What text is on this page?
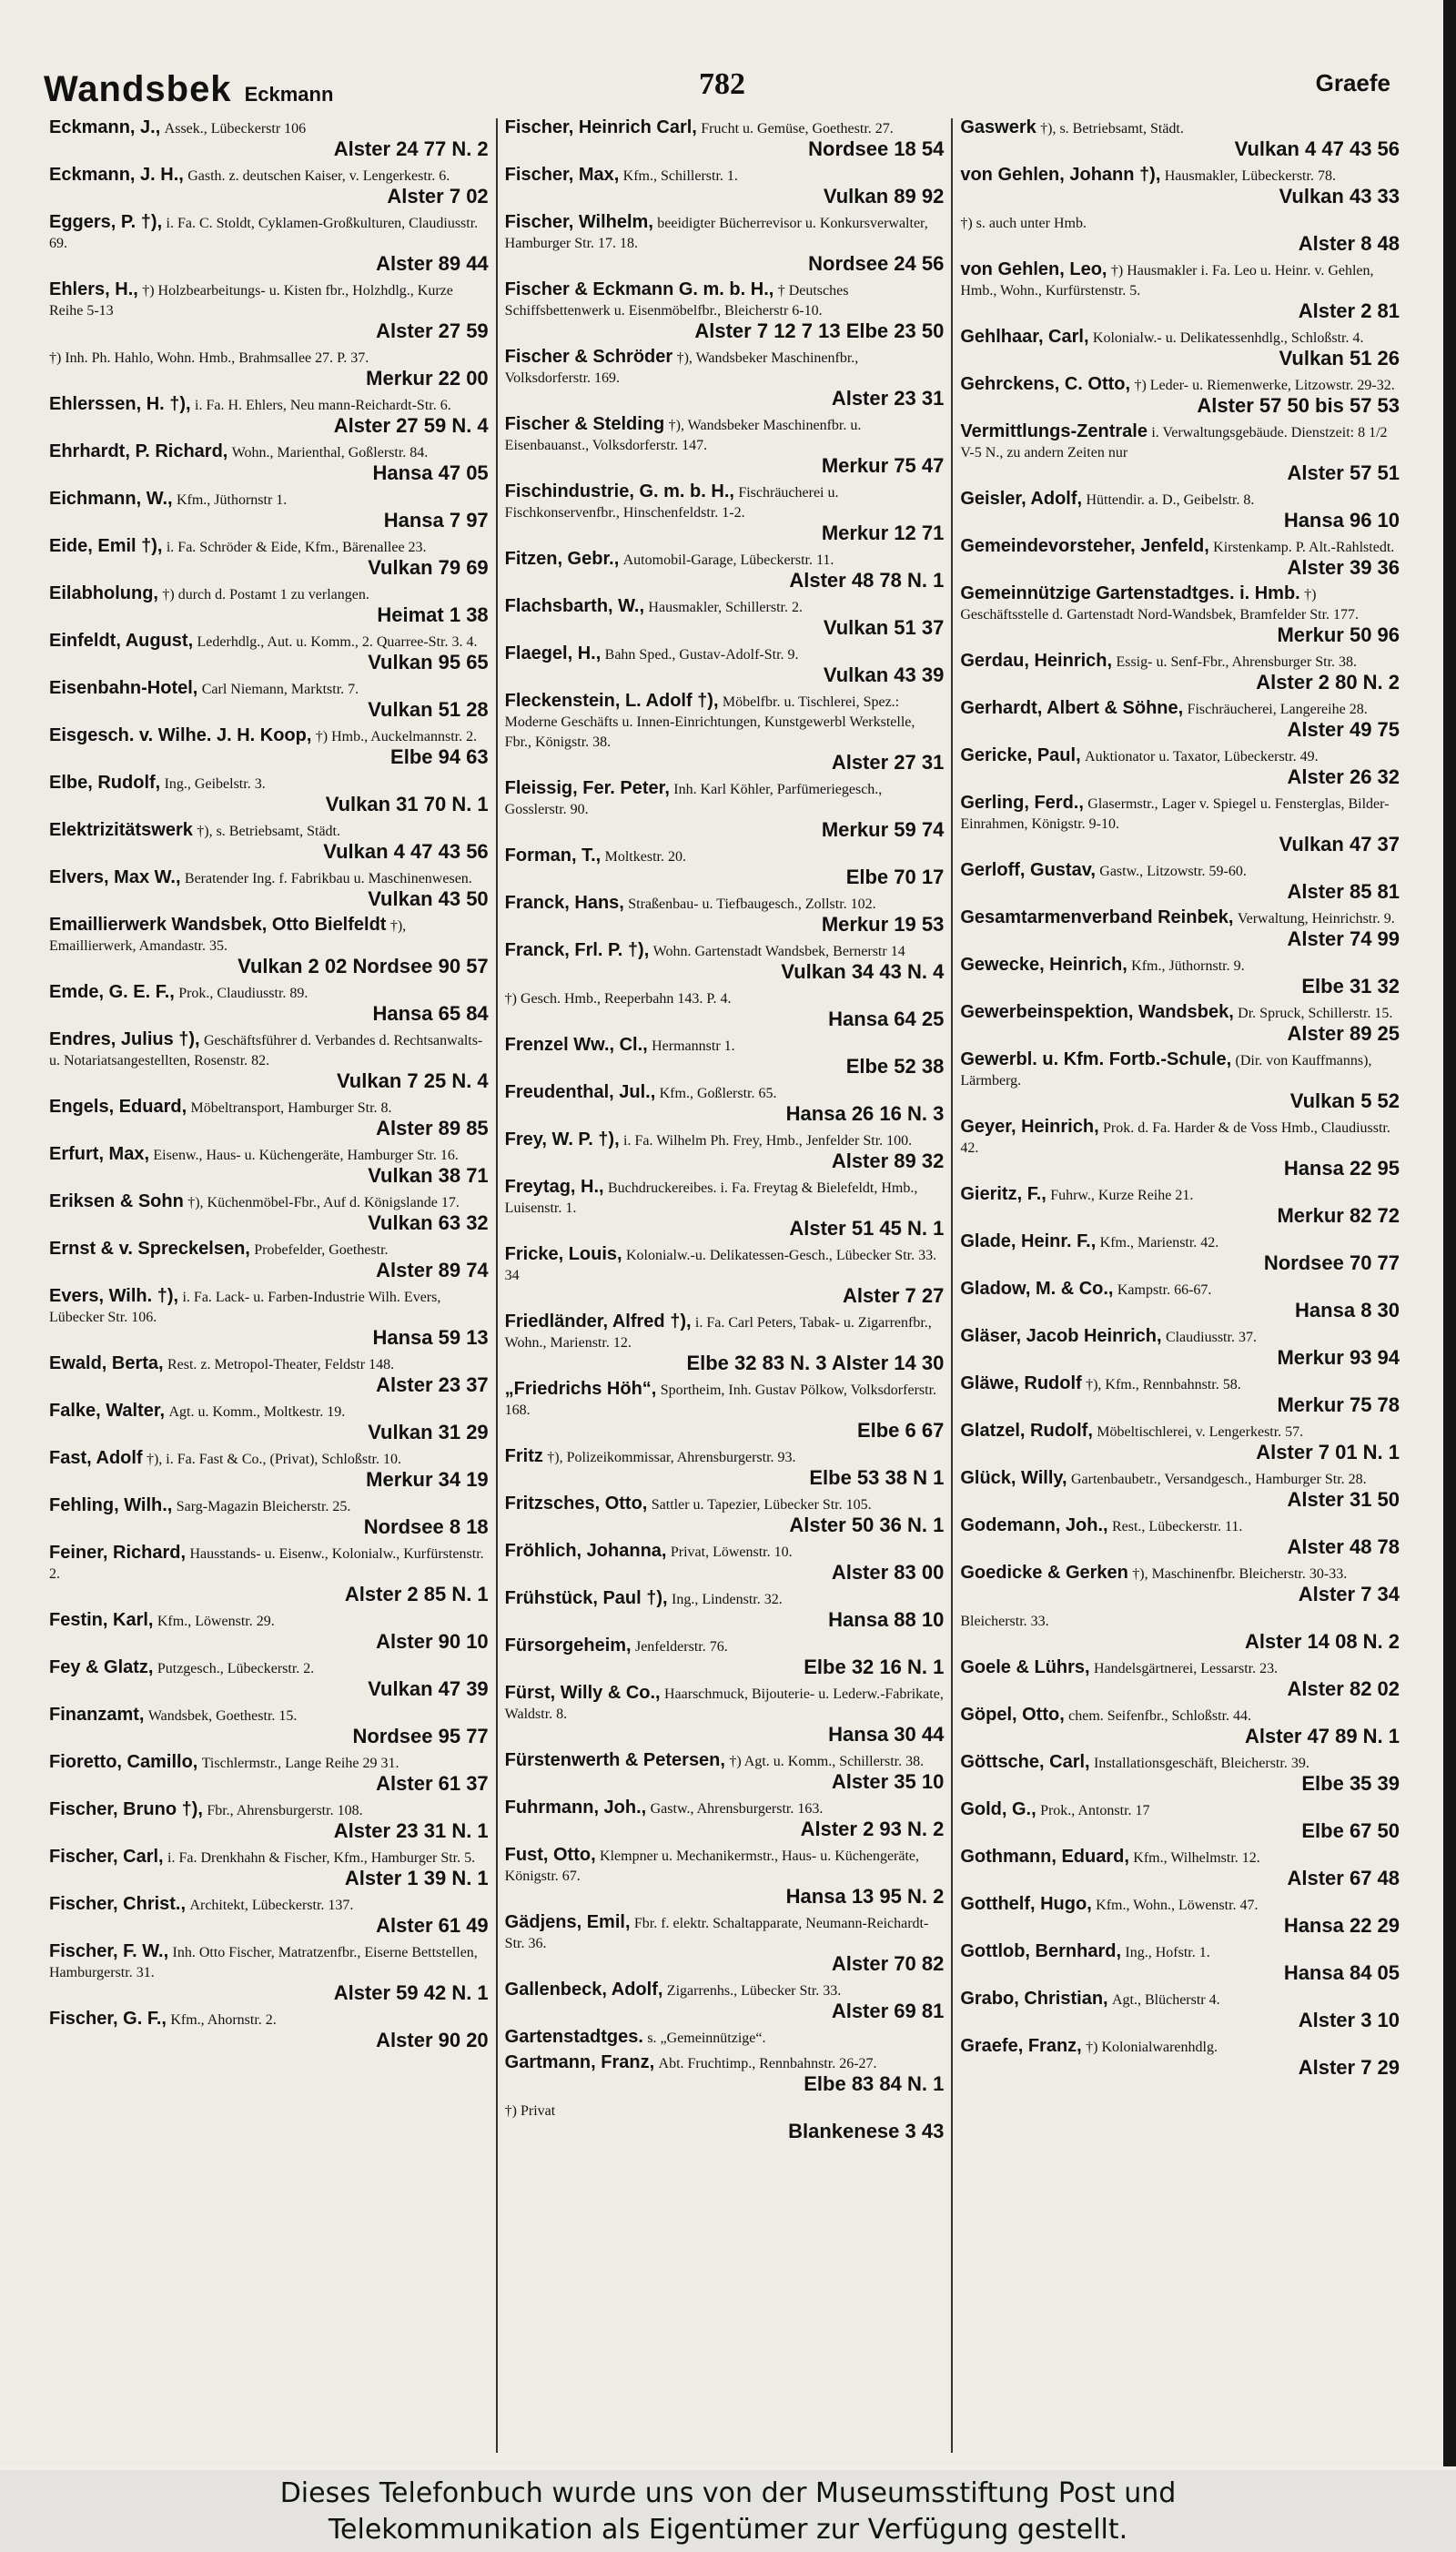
Wandsbek Eckmann	782	Graefe
Eckmann, J., Assek., Lübeckerstr 106
Alster 24 77 N. 2
Eckmann, J. H., Gasth. z. deutschen Kaiser, v. Lengerkestr. 6.
Alster 7 02
Eggers, P. †), i. Fa. C. Stoldt, Cyklamen-Großkulturen, Claudiusstr. 69.
Alster 89 44
Ehlers, H., †) Holzbearbeitungs- u. Kisten fbr., Holzhdlg., Kurze Reihe 5-13
Alster 27 59
†) Inh. Ph. Hahlo, Wohn. Hmb., Brahmsallee 27. P. 37.
Merkur 22 00
Ehlerssen, H. †), i. Fa. H. Ehlers, Neu mann-Reichardt-Str. 6.
Alster 27 59 N. 4
Ehrhardt, P. Richard, Wohn., Marienthal, Goßlerstr. 84.
Hansa 47 05
Eichmann, W., Kfm., Jüthornstr 1.
Hansa 7 97
Eide, Emil †), i. Fa. Schröder & Eide, Kfm., Bärenallee 23.
Vulkan 79 69
Eilabholung, †) durch d. Postamt 1 zu verlangen.
Heimat 1 38
Einfeldt, August, Lederhdlg., Aut. u. Komm., 2. Quarree-Str. 3. 4.
Vulkan 95 65
Eisenbahn-Hotel, Carl Niemann, Marktstr. 7.
Vulkan 51 28
Eisgesch. v. Wilhe. J. H. Koop, †) Hmb., Auckelmannstr. 2.
Elbe 94 63
Elbe, Rudolf, Ing., Geibelstr. 3.
Vulkan 31 70 N. 1
Elektrizitätswerk †), s. Betriebsamt, Städt.
Vulkan 4 47 43 56
Elvers, Max W., Beratender Ing. f. Fabrikbau u. Maschinenwesen.
Vulkan 43 50
Emaillierwerk Wandsbek, Otto Bielfeldt †), Emaillierwerk, Amandastr. 35.
Vulkan 2 02 Nordsee 90 57
Emde, G. E. F., Prok., Claudiusstr. 89.
Hansa 65 84
Endres, Julius †), Geschäftsführer d. Verbandes d. Rechtsanwalts- u. Notariatsangestellten, Rosenstr. 82.
Vulkan 7 25 N. 4
Engels, Eduard, Möbeltransport, Hamburger Str. 8.
Alster 89 85
Erfurt, Max, Eisenw., Haus- u. Küchengeräte, Hamburger Str. 16.
Vulkan 38 71
Eriksen & Sohn †), Küchenmöbel-Fbr., Auf d. Königslande 17.
Vulkan 63 32
Ernst & v. Spreckelsen, Probefelder, Goethestr.
Alster 89 74
Evers, Wilh. †), i. Fa. Lack- u. Farben-Industrie Wilh. Evers, Lübecker Str. 106.
Hansa 59 13
Ewald, Berta, Rest. z. Metropol-Theater, Feldstr 148.
Alster 23 37
Falke, Walter, Agt. u. Komm., Moltkestr. 19.
Vulkan 31 29
Fast, Adolf †), i. Fa. Fast & Co., (Privat), Schloßstr. 10.
Merkur 34 19
Fehling, Wilh., Sarg-Magazin Bleicherstr. 25.
Nordsee 8 18
Feiner, Richard, Hausstands- u. Eisenw., Kolonialw., Kurfürstenstr. 2.
Alster 2 85 N. 1
Festin, Karl, Kfm., Löwenstr. 29.
Alster 90 10
Fey & Glatz, Putzgesch., Lübeckerstr. 2.
Vulkan 47 39
Finanzamt, Wandsbek, Goethestr. 15.
Nordsee 95 77
Fioretto, Camillo, Tischlermstr., Lange Reihe 29 31.
Alster 61 37
Fischer, Bruno †), Fbr., Ahrensburgerstr. 108.
Alster 23 31 N. 1
Fischer, Carl, i. Fa. Drenkhahn & Fischer, Kfm., Hamburger Str. 5.
Alster 1 39 N. 1
Fischer, Christ., Architekt, Lübeckerstr. 137.
Alster 61 49
Fischer, F. W., Inh. Otto Fischer, Matratzenfbr., Eiserne Bettstellen, Hamburgerstr. 31.
Alster 59 42 N. 1
Fischer, G. F., Kfm., Ahornstr. 2.
Alster 90 20
Fischer, Heinrich Carl, Frucht u. Gemüse, Goethestr. 27.
Nordsee 18 54
Fischer, Max, Kfm., Schillerstr. 1.
Vulkan 89 92
Fischer, Wilhelm, beeidigter Bücherrevisor u. Konkursverwalter, Hamburger Str. 17. 18.
Nordsee 24 56
Fischer & Eckmann G. m. b. H., † Deutsches Schiffsbettenwerk u. Eisenmöbelfbr., Bleicherstr 6-10.
Alster 7 12 7 13 Elbe 23 50
Fischer & Schröder †), Wandsbeker Maschinenfbr., Volksdorferstr. 169.
Alster 23 31
Fischer & Stelding †), Wandsbeker Maschinenfbr. u. Eisenbauanst., Volksdorferstr. 147.
Merkur 75 47
Fischindustrie, G. m. b. H., Fischräucherei u. Fischkonservenfbr., Hinschenfeldstr. 1-2.
Merkur 12 71
Fitzen, Gebr., Automobil-Garage, Lübeckerstr. 11.
Alster 48 78 N. 1
Flachsbarth, W., Hausmakler, Schillerstr. 2.
Vulkan 51 37
Flaegel, H., Bahn Sped., Gustav-Adolf-Str. 9.
Vulkan 43 39
Fleckenstein, L. Adolf †), Möbelfbr. u. Tischlerei, Spez.: Moderne Geschäfts u. Innen-Einrichtungen, Kunstgewerbl Werkstelle, Fbr., Königstr. 38.
Alster 27 31
Fleissig, Fer. Peter, Inh. Karl Köhler, Parfümeriegesch., Gosslerstr. 90.
Merkur 59 74
Forman, T., Moltkestr. 20.
Elbe 70 17
Franck, Hans, Straßenbau- u. Tiefbaugesch., Zollstr. 102.
Merkur 19 53
Franck, Frl. P. †), Wohn. Gartenstadt Wandsbek, Bernerstr 14
Vulkan 34 43 N. 4
†) Gesch. Hmb., Reeperbahn 143. P. 4.
Hansa 64 25
Frenzel Ww., Cl., Hermannstr 1.
Elbe 52 38
Freudenthal, Jul., Kfm., Goßlerstr. 65.
Hansa 26 16 N. 3
Frey, W. P. †), i. Fa. Wilhelm Ph. Frey, Hmb., Jenfelder Str. 100.
Alster 89 32
Freytag, H., Buchdruckereibes. i. Fa. Freytag & Bielefeldt, Hmb., Luisenstr. 1.
Alster 51 45 N. 1
Fricke, Louis, Kolonialw.-u. Delikatessen-Gesch., Lübecker Str. 33. 34
Alster 7 27
Friedländer, Alfred †), i. Fa. Carl Peters, Tabak- u. Zigarrenfbr., Wohn., Marienstr. 12.
Elbe 32 83 N. 3 Alster 14 30
„Friedrichs Höh“, Sportheim, Inh. Gustav Pölkow, Volksdorferstr. 168.
Elbe 6 67
Fritz †), Polizeikommissar, Ahrensburgerstr. 93.
Elbe 53 38 N 1
Fritzsches, Otto, Sattler u. Tapezier, Lübecker Str. 105.
Alster 50 36 N. 1
Fröhlich, Johanna, Privat, Löwenstr. 10.
Alster 83 00
Frühstück, Paul †), Ing., Lindenstr. 32.
Hansa 88 10
Fürsorgeheim, Jenfelderstr. 76.
Elbe 32 16 N. 1
Fürst, Willy & Co., Haarschmuck, Bijouterie- u. Lederw.-Fabrikate, Waldstr. 8.
Hansa 30 44
Fürstenwerth & Petersen, †) Agt. u. Komm., Schillerstr. 38.
Alster 35 10
Fuhrmann, Joh., Gastw., Ahrensburgerstr. 163.
Alster 2 93 N. 2
Fust, Otto, Klempner u. Mechanikermstr., Haus- u. Küchengeräte, Königstr. 67.
Hansa 13 95 N. 2
Gädjens, Emil, Fbr. f. elektr. Schaltapparate, Neumann-Reichardt-Str. 36.
Alster 70 82
Gallenbeck, Adolf, Zigarrenhs., Lübecker Str. 33.
Alster 69 81
Gartenstadtges. s. „Gemeinnützige“.
Gartmann, Franz, Abt. Fruchtimp., Rennbahnstr. 26-27.
Elbe 83 84 N. 1
†) Privat
Blankenese 3 43
Gaswerk †), s. Betriebsamt, Städt.
Vulkan 4 47 43 56
von Gehlen, Johann †), Hausmakler, Lübeckerstr. 78.
Vulkan 43 33
†) s. auch unter Hmb.
Alster 8 48
von Gehlen, Leo, †) Hausmakler i. Fa. Leo u. Heinr. v. Gehlen, Hmb., Wohn., Kurfürstenstr. 5.
Alster 2 81
Gehlhaar, Carl, Kolonialw.- u. Delikatessenhdlg., Schloßstr. 4.
Vulkan 51 26
Gehrckens, C. Otto, †) Leder- u. Riemenwerke, Litzowstr. 29-32.
Alster 57 50 bis 57 53
Vermittlungs-Zentrale i. Verwaltungsgebäude. Dienstzeit: 8 1/2 V-5 N., zu andern Zeiten nur
Alster 57 51
Geisler, Adolf, Hüttendir. a. D., Geibelstr. 8.
Hansa 96 10
Gemeindevorsteher, Jenfeld, Kirstenkamp. P. Alt.-Rahlstedt.
Alster 39 36
Gemeinnützige Gartenstadtges. i. Hmb. †) Geschäftsstelle d. Gartenstadt Nord-Wandsbek, Bramfelder Str. 177.
Merkur 50 96
Gerdau, Heinrich, Essig- u. Senf-Fbr., Ahrensburger Str. 38.
Alster 2 80 N. 2
Gerhardt, Albert & Söhne, Fischräucherei, Langereihe 28.
Alster 49 75
Gericke, Paul, Auktionator u. Taxator, Lübeckerstr. 49.
Alster 26 32
Gerling, Ferd., Glasermstr., Lager v. Spiegel u. Fensterglas, Bilder-Einrahmen, Königstr. 9-10.
Vulkan 47 37
Gerloff, Gustav, Gastw., Litzowstr. 59-60.
Alster 85 81
Gesamtarmenverband Reinbek, Verwaltung, Heinrichstr. 9.
Alster 74 99
Gewecke, Heinrich, Kfm., Jüthornstr. 9.
Elbe 31 32
Gewerbeinspektion, Wandsbek, Dr. Spruck, Schillerstr. 15.
Alster 89 25
Gewerbl. u. Kfm. Fortb.-Schule, (Dir. von Kauffmanns), Lärmberg.
Vulkan 5 52
Geyer, Heinrich, Prok. d. Fa. Harder & de Voss Hmb., Claudiusstr. 42.
Hansa 22 95
Gieritz, F., Fuhrw., Kurze Reihe 21.
Merkur 82 72
Glade, Heinr. F., Kfm., Marienstr. 42.
Nordsee 70 77
Gladow, M. & Co., Kampstr. 66-67.
Hansa 8 30
Gläser, Jacob Heinrich, Claudiusstr. 37.
Merkur 93 94
Gläwe, Rudolf †), Kfm., Rennbahnstr. 58.
Merkur 75 78
Glatzel, Rudolf, Möbeltischlerei, v. Lengerkestr. 57.
Alster 7 01 N. 1
Glück, Willy, Gartenbaubetr., Versandgesch., Hamburger Str. 28.
Alster 31 50
Godemann, Joh., Rest., Lübeckerstr. 11.
Alster 48 78
Goedicke & Gerken †), Maschinenfbr. Bleicherstr. 30-33.
Alster 7 34
Bleicherstr. 33.
Alster 14 08 N. 2
Goele & Lührs, Handelsgärtnerei, Lessarstr. 23.
Alster 82 02
Göpel, Otto, chem. Seifenfbr., Schloßstr. 44.
Alster 47 89 N. 1
Göttsche, Carl, Installationsgeschäft, Bleicherstr. 39.
Elbe 35 39
Gold, G., Prok., Antonstr. 17
Elbe 67 50
Gothmann, Eduard, Kfm., Wilhelmstr. 12.
Alster 67 48
Gotthelf, Hugo, Kfm., Wohn., Löwenstr. 47.
Hansa 22 29
Gottlob, Bernhard, Ing., Hofstr. 1.
Hansa 84 05
Grabo, Christian, Agt., Blücherstr 4.
Alster 3 10
Graefe, Franz, †) Kolonialwarenhdlg.
Alster 7 29
Dieses Telefonbuch wurde uns von der Museumsstiftung Post und
Telekommunikation als Eigentümer zur Verfügung gestellt.
